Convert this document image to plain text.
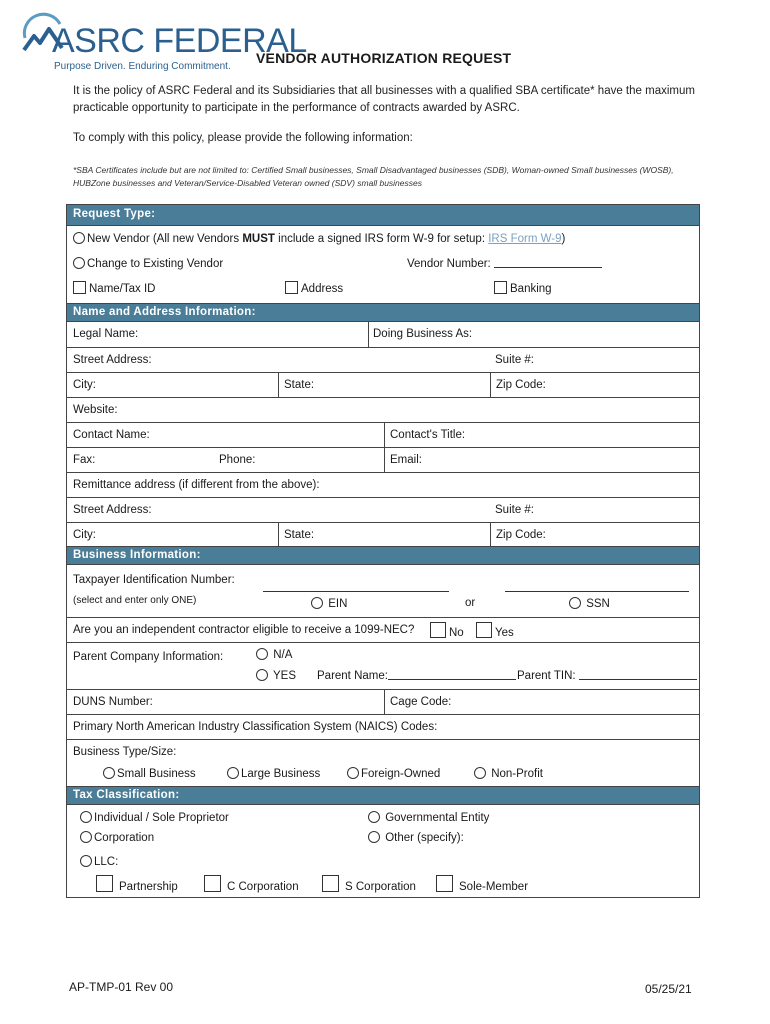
ASRC FEDERAL
Purpose Driven. Enduring Commitment.
VENDOR AUTHORIZATION REQUEST
It is the policy of ASRC Federal and its Subsidiaries that all businesses with a qualified SBA certificate* have the maximum practicable opportunity to participate in the performance of contracts awarded by ASRC.
To comply with this policy, please provide the following information:
*SBA Certificates include but are not limited to: Certified Small businesses, Small Disadvantaged businesses (SDB), Woman-owned Small businesses (WOSB), HUBZone businesses and Veteran/Service-Disabled Veteran owned (SDV) small businesses
Request Type:
New Vendor (All new Vendors MUST include a signed IRS form W-9 for setup: IRS Form W-9)
Change to Existing Vendor	Vendor Number:
Name/Tax ID	Address	Banking
Name and Address Information:
Legal Name:	Doing Business As:
Street Address:	Suite #:
City:	State:	Zip Code:
Website:
Contact Name:	Contact's Title:
Fax:	Phone:	Email:
Remittance address (if different from the above):
Street Address:	Suite #:
City:	State:	Zip Code:
Business Information:
Taxpayer Identification Number:
(select and enter only ONE)	EIN	or	SSN
Are you an independent contractor eligible to receive a 1099-NEC?	No	Yes
Parent Company Information:	N/A
YES Parent Name:	Parent TIN:
DUNS Number:	Cage Code:
Primary North American Industry Classification System (NAICS) Codes:
Business Type/Size:
Small Business	Large Business	Foreign-Owned	Non-Profit
Tax Classification:
Individual / Sole Proprietor	Governmental Entity
Corporation	Other (specify):
LLC:
Partnership	C Corporation	S Corporation	Sole-Member
AP-TMP-01 Rev 00	05/25/21
